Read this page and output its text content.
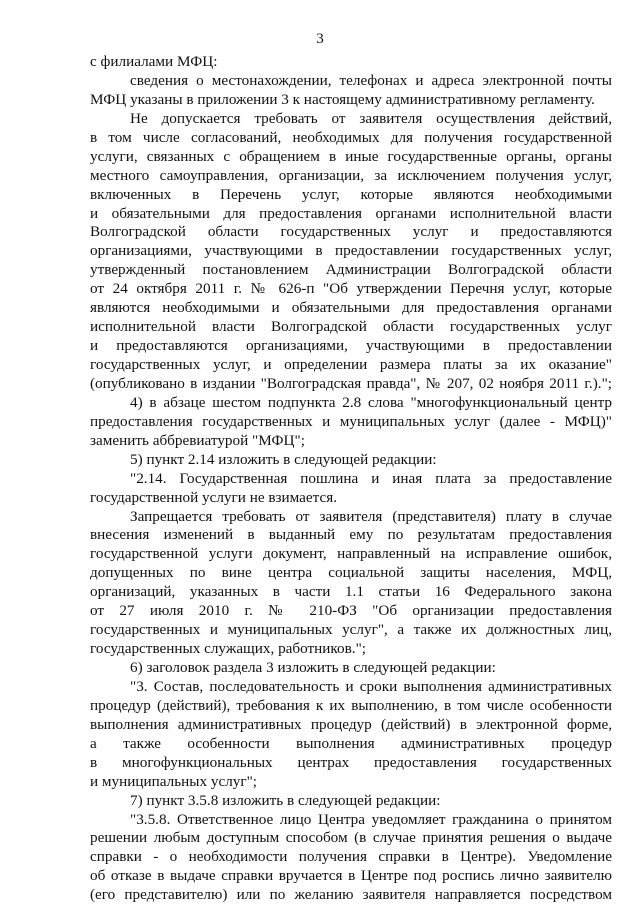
3
с филиалами МФЦ:
сведения о местонахождении, телефонах и адреса электронной почты
МФЦ указаны в приложении 3 к настоящему административному регламенту.
Не допускается требовать от заявителя осуществления действий,
в том числе согласований, необходимых для получения государственной
услуги, связанных с обращением в иные государственные органы, органы
местного самоуправления, организации, за исключением получения услуг,
включенных в Перечень услуг, которые являются необходимыми
и обязательными для предоставления органами исполнительной власти
Волгоградской области государственных услуг и предоставляются
организациями, участвующими в предоставлении государственных услуг,
утвержденный постановлением Администрации Волгоградской области
от 24 октября 2011 г. № 626-п "Об утверждении Перечня услуг, которые
являются необходимыми и обязательными для предоставления органами
исполнительной власти Волгоградской области государственных услуг
и предоставляются организациями, участвующими в предоставлении
государственных услуг, и определении размера платы за их оказание"
(опубликовано в издании "Волгоградская правда", № 207, 02 ноября 2011 г.).";
4) в абзаце шестом подпункта 2.8 слова "многофункциональный центр
предоставления государственных и муниципальных услуг (далее - МФЦ)"
заменить аббревиатурой "МФЦ";
5) пункт 2.14 изложить в следующей редакции:
"2.14. Государственная пошлина и иная плата за предоставление
государственной услуги не взимается.
Запрещается требовать от заявителя (представителя) плату в случае
внесения изменений в выданный ему по результатам предоставления
государственной услуги документ, направленный на исправление ошибок,
допущенных по вине центра социальной защиты населения, МФЦ,
организаций, указанных в части 1.1 статьи 16 Федерального закона
от 27 июля 2010 г. № 210-ФЗ "Об организации предоставления
государственных и муниципальных услуг", а также их должностных лиц,
государственных служащих, работников.";
6) заголовок раздела 3 изложить в следующей редакции:
"3. Состав, последовательность и сроки выполнения административных
процедур (действий), требования к их выполнению, в том числе особенности
выполнения административных процедур (действий) в электронной форме,
а также особенности выполнения административных процедур
в многофункциональных центрах предоставления государственных
и муниципальных услуг";
7) пункт 3.5.8 изложить в следующей редакции:
"3.5.8. Ответственное лицо Центра уведомляет гражданина о принятом
решении любым доступным способом (в случае принятия решения о выдаче
справки - о необходимости получения справки в Центре). Уведомление
об отказе в выдаче справки вручается в Центре под роспись лично заявителю
(его представителю) или по желанию заявителя направляется посредством
